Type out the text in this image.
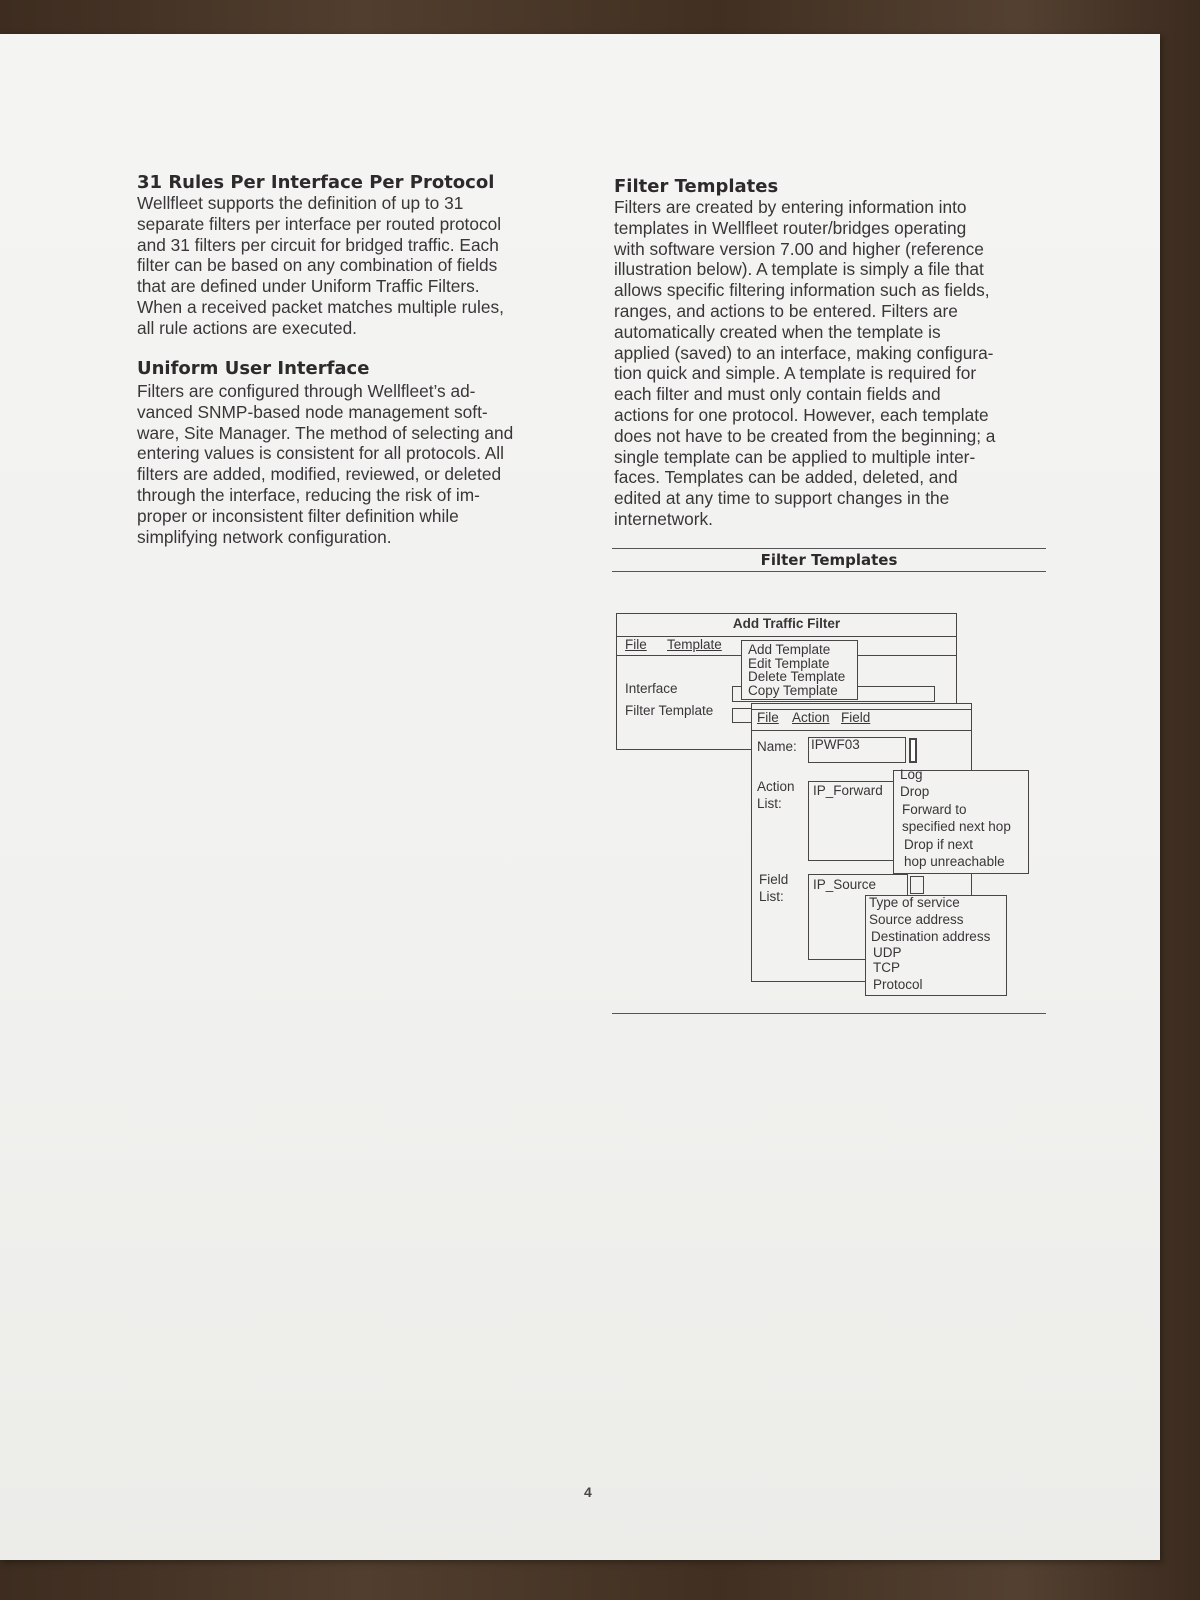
31 Rules Per Interface Per Protocol

Wellfleet supports the definition of up to 31
separate filters per interface per routed protocol
and 31 filters per circuit for bridged traffic. Each
filter can be based on any combination of fields
that are defined under Uniform Traffic Filters.
When a received packet matches multiple rules,
all rule actions are executed.

Uniform User Interface

Filters are configured through Wellfleet’s ad-
vanced SNMP-based node management soft-
ware, Site Manager. The method of selecting and
entering values is consistent for all protocols. All
filters are added, modified, reviewed, or deleted
through the interface, reducing the risk of im-
proper or inconsistent filter definition while
simplifying network configuration.

Filter Templates

Filters are created by entering information into
templates in Wellfleet router/bridges operating
with software version 7.00 and higher (reference
illustration below). A template is simply a file that
allows specific filtering information such as fields,
ranges, and actions to be entered. Filters are
automatically created when the template is
applied (saved) to an interface, making configura-
tion quick and simple. A template is required for
each filter and must only contain fields and
actions for one protocol. However, each template
does not have to be created from the beginning; a
single template can be applied to multiple inter-
faces. Templates can be added, deleted, and
edited at any time to support changes in the
internetwork.

Filter Templates
Add Traffic Filter
File Template
Interface
Filter Template
Add Template
Edit Template
Delete Template
Copy Template
File Action Field
Name: IPWF03
Action
List:
IP_Forward
Field
List:
IP_Source
Log
Drop
Forward to
specified next hop
Drop if next
hop unreachable
Type of service
Source address
Destination address
UDP
TCP
Protocol
4
